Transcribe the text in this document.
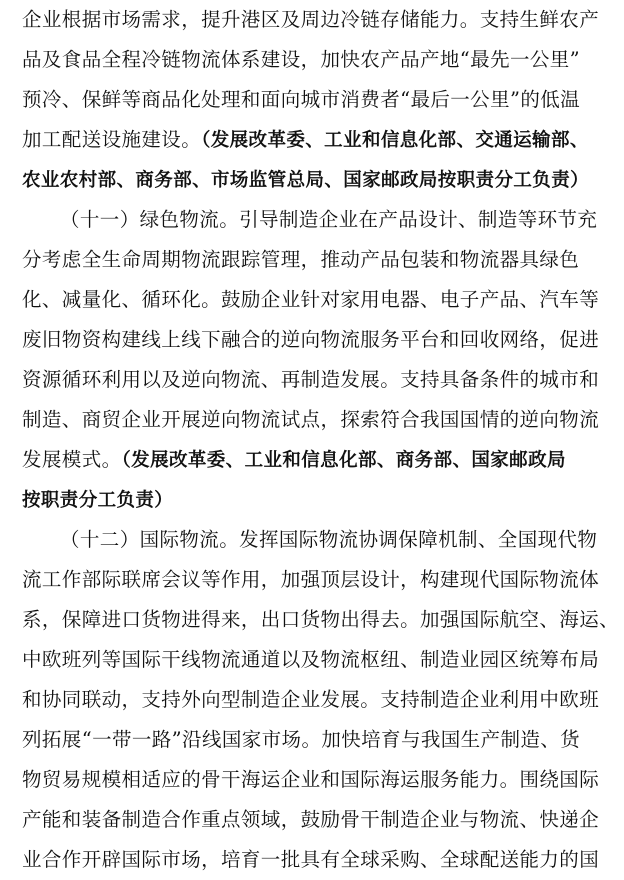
企业根据市场需求，提升港区及周边冷链存储能力。支持生鲜农产
品及食品全程冷链物流体系建设，加快农产品产地“最先一公里”
预冷、保鲜等商品化处理和面向城市消费者“最后一公里”的低温
加工配送设施建设。（发展改革委、工业和信息化部、交通运输部、
农业农村部、商务部、市场监管总局、国家邮政局按职责分工负责）
（十一）绿色物流。引导制造企业在产品设计、制造等环节充
分考虑全生命周期物流跟踪管理，推动产品包装和物流器具绿色
化、减量化、循环化。鼓励企业针对家用电器、电子产品、汽车等
废旧物资构建线上线下融合的逆向物流服务平台和回收网络，促进
资源循环利用以及逆向物流、再制造发展。支持具备条件的城市和
制造、商贸企业开展逆向物流试点，探索符合我国国情的逆向物流
发展模式。（发展改革委、工业和信息化部、商务部、国家邮政局
按职责分工负责）
（十二）国际物流。发挥国际物流协调保障机制、全国现代物
流工作部际联席会议等作用，加强顶层设计，构建现代国际物流体
系，保障进口货物进得来，出口货物出得去。加强国际航空、海运、
中欧班列等国际干线物流通道以及物流枢纽、制造业园区统筹布局
和协同联动，支持外向型制造企业发展。支持制造企业利用中欧班
列拓展“一带一路”沿线国家市场。加快培育与我国生产制造、货
物贸易规模相适应的骨干海运企业和国际海运服务能力。围绕国际
产能和装备制造合作重点领域，鼓励骨干制造企业与物流、快递企
业合作开辟国际市场，培育一批具有全球采购、全球配送能力的国
